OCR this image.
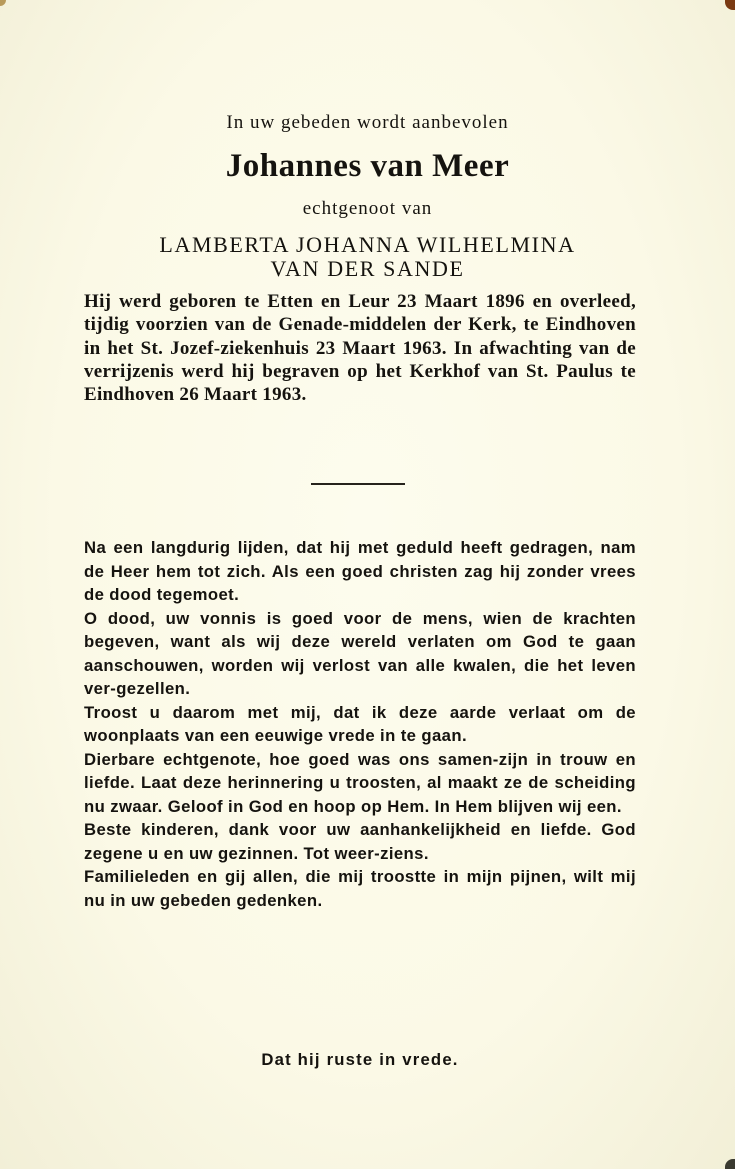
In uw gebeden wordt aanbevolen
Johannes van Meer
echtgenoot van
LAMBERTA JOHANNA WILHELMINA
VAN DER SANDE
Hij werd geboren te Etten en Leur 23 Maart 1896 en overleed, tijdig voorzien van de Genade-middelen der Kerk, te Eindhoven in het St. Jozef-ziekenhuis 23 Maart 1963. In afwachting van de verrijzenis werd hij begraven op het Kerkhof van St. Paulus te Eindhoven 26 Maart 1963.

Na een langdurig lijden, dat hij met geduld heeft gedragen, nam de Heer hem tot zich. Als een goed christen zag hij zonder vrees de dood tegemoet.

O dood, uw vonnis is goed voor de mens, wien de krachten begeven, want als wij deze wereld verlaten om God te gaan aanschouwen, worden wij verlost van alle kwalen, die het leven ver-gezellen.

Troost u daarom met mij, dat ik deze aarde verlaat om de woonplaats van een eeuwige vrede in te gaan.

Dierbare echtgenote, hoe goed was ons samen-zijn in trouw en liefde. Laat deze herinnering u troosten, al maakt ze de scheiding nu zwaar. Geloof in God en hoop op Hem. In Hem blijven wij een.

Beste kinderen, dank voor uw aanhankelijkheid en liefde. God zegene u en uw gezinnen. Tot weer-ziens.

Familieleden en gij allen, die mij troostte in mijn pijnen, wilt mij nu in uw gebeden gedenken.

Dat hij ruste in vrede.
